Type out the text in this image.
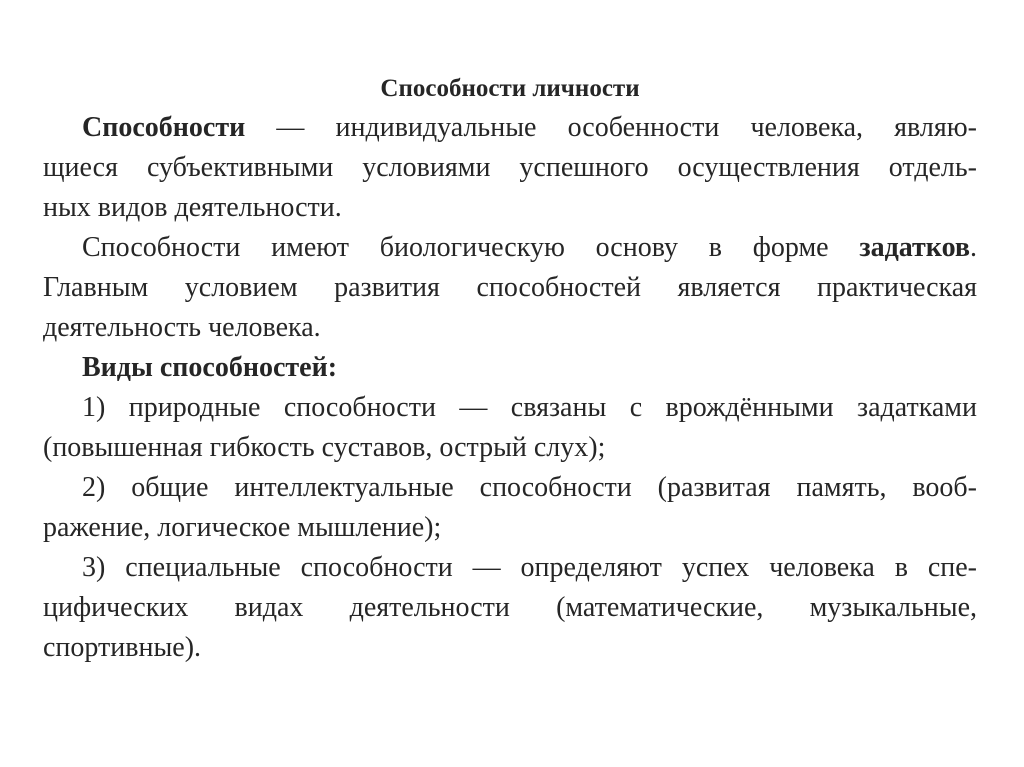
Способности личности
Способности — индивидуальные особенности человека, являю-
щиеся субъективными условиями успешного осуществления отдель-
ных видов деятельности.
Способности имеют биологическую основу в форме задатков.
Главным условием развития способностей является практическая
деятельность человека.
Виды способностей:
1) природные способности — связаны с врождёнными задатками
(повышенная гибкость суставов, острый слух);
2) общие интеллектуальные способности (развитая память, вооб-
ражение, логическое мышление);
3) специальные способности — определяют успех человека в спе-
цифических видах деятельности (математические, музыкальные,
спортивные).
